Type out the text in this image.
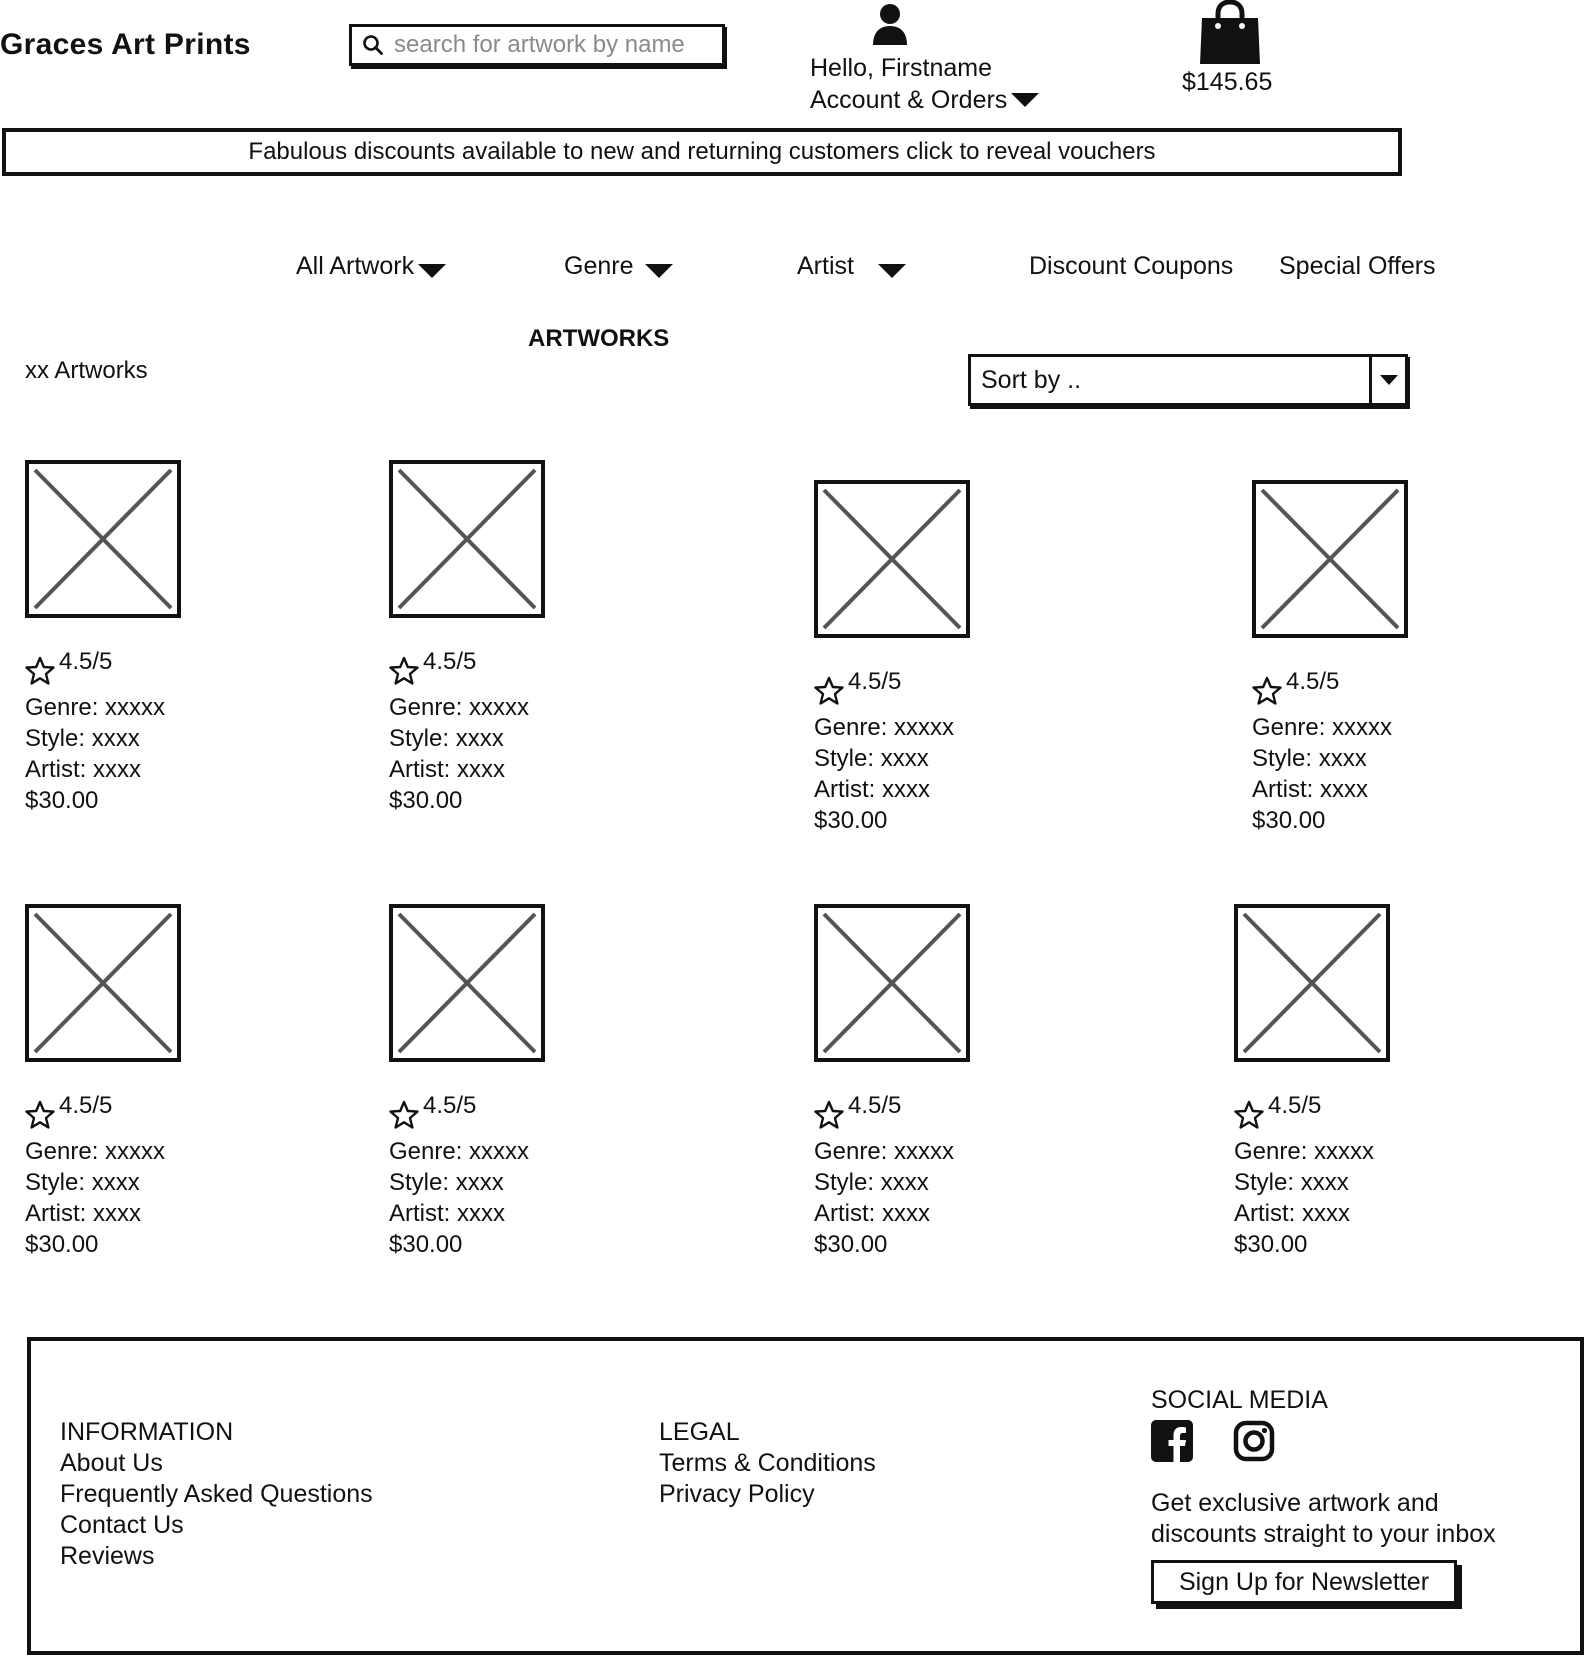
Graces Art Prints
search for artwork by name
Hello, Firstname
Account & Orders
$145.65
Fabulous discounts available to new and returning customers click to reveal vouchers
All Artwork	Genre	Artist	Discount Coupons Special Offers
ARTWORKS
xx Artworks	Sort by ..
4.5/5
Genre: xxxxx
Style: xxxx
Artist: xxxx
$30.00
4.5/5
Genre: xxxxx
Style: xxxx
Artist: xxxx
$30.00
4.5/5
Genre: xxxxx
Style: xxxx
Artist: xxxx
$30.00
4.5/5
Genre: xxxxx
Style: xxxx
Artist: xxxx
$30.00
4.5/5
Genre: xxxxx
Style: xxxx
Artist: xxxx
$30.00
4.5/5
Genre: xxxxx
Style: xxxx
Artist: xxxx
$30.00
4.5/5
Genre: xxxxx
Style: xxxx
Artist: xxxx
$30.00
4.5/5
Genre: xxxxx
Style: xxxx
Artist: xxxx
$30.00
INFORMATION
About Us
Frequently Asked Questions
Contact Us
Reviews
LEGAL
Terms & Conditions
Privacy Policy
SOCIAL MEDIA
Get exclusive artwork and
discounts straight to your inbox
Sign Up for Newsletter
